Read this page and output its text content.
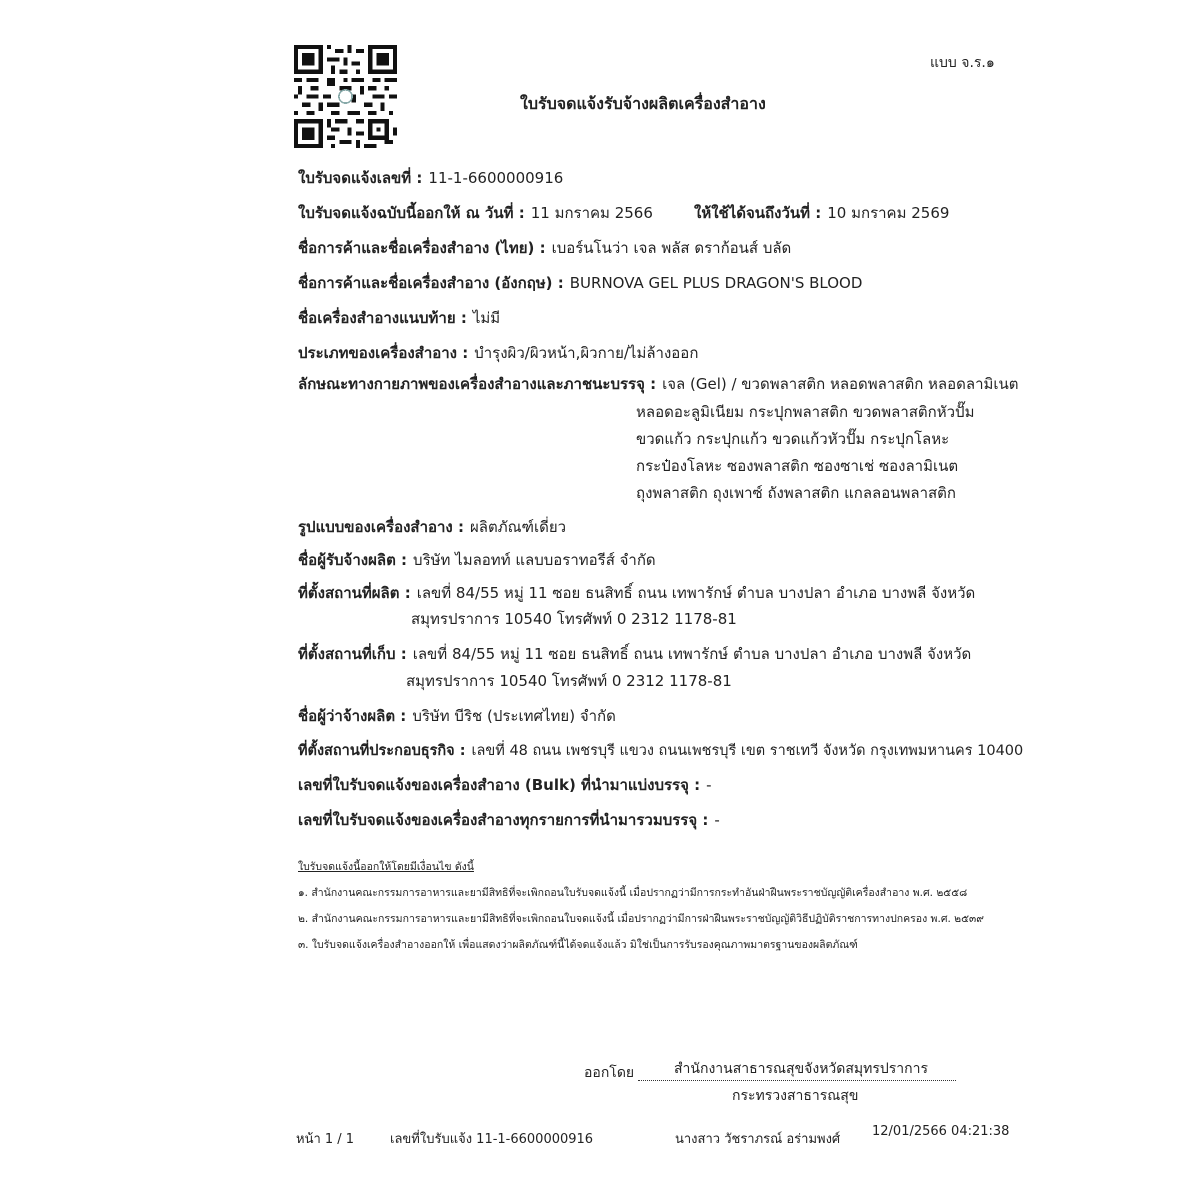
แบบ จ.ร.๑
ใบรับจดแจ้งรับจ้างผลิตเครื่องสำอาง
ใบรับจดแจ้งเลขที่ : 11-1-6600000916
ใบรับจดแจ้งฉบับนี้ออกให้ ณ วันที่ : 11 มกราคม 2566	ให้ใช้ได้จนถึงวันที่ : 10 มกราคม 2569
ชื่อการค้าและชื่อเครื่องสำอาง (ไทย) : เบอร์นโนว่า เจล พลัส ดราก้อนส์ บลัด
ชื่อการค้าและชื่อเครื่องสำอาง (อังกฤษ) : BURNOVA GEL PLUS DRAGON'S BLOOD
ชื่อเครื่องสำอางแนบท้าย : ไม่มี
ประเภทของเครื่องสำอาง : บำรุงผิว/ผิวหน้า,ผิวกาย/ไม่ล้างออก
ลักษณะทางกายภาพของเครื่องสำอางและภาชนะบรรจุ : เจล (Gel) / ขวดพลาสติก หลอดพลาสติก หลอดลามิเนต
หลอดอะลูมิเนียม กระปุกพลาสติก ขวดพลาสติกหัวปั๊ม
ขวดแก้ว กระปุกแก้ว ขวดแก้วหัวปั๊ม กระปุกโลหะ
กระป๋องโลหะ ซองพลาสติก ซองซาเช่ ซองลามิเนต
ถุงพลาสติก ถุงเพาซ์ ถังพลาสติก แกลลอนพลาสติก
รูปแบบของเครื่องสำอาง : ผลิตภัณฑ์เดี่ยว
ชื่อผู้รับจ้างผลิต : บริษัท ไมลอทท์ แลบบอราทอรีส์ จำกัด
ที่ตั้งสถานที่ผลิต : เลขที่ 84/55 หมู่ 11 ซอย ธนสิทธิ์ ถนน เทพารักษ์ ตำบล บางปลา อำเภอ บางพลี จังหวัด
สมุทรปราการ 10540 โทรศัพท์ 0 2312 1178-81
ที่ตั้งสถานที่เก็บ : เลขที่ 84/55 หมู่ 11 ซอย ธนสิทธิ์ ถนน เทพารักษ์ ตำบล บางปลา อำเภอ บางพลี จังหวัด
สมุทรปราการ 10540 โทรศัพท์ 0 2312 1178-81
ชื่อผู้ว่าจ้างผลิต : บริษัท บีริช (ประเทศไทย) จำกัด
ที่ตั้งสถานที่ประกอบธุรกิจ : เลขที่ 48 ถนน เพชรบุรี แขวง ถนนเพชรบุรี เขต ราชเทวี จังหวัด กรุงเทพมหานคร 10400
เลขที่ใบรับจดแจ้งของเครื่องสำอาง (Bulk) ที่นำมาแบ่งบรรจุ : -
เลขที่ใบรับจดแจ้งของเครื่องสำอางทุกรายการที่นำมารวมบรรจุ : -
ใบรับจดแจ้งนี้ออกให้โดยมีเงื่อนไข ดังนี้
๑. สำนักงานคณะกรรมการอาหารและยามีสิทธิที่จะเพิกถอนใบรับจดแจ้งนี้ เมื่อปรากฏว่ามีการกระทำอันฝ่าฝืนพระราชบัญญัติเครื่องสำอาง พ.ศ. ๒๕๕๘
๒. สำนักงานคณะกรรมการอาหารและยามีสิทธิที่จะเพิกถอนใบจดแจ้งนี้ เมื่อปรากฏว่ามีการฝ่าฝืนพระราชบัญญัติวิธีปฏิบัติราชการทางปกครอง พ.ศ. ๒๕๓๙
๓. ใบรับจดแจ้งเครื่องสำอางออกให้ เพื่อแสดงว่าผลิตภัณฑ์นี้ได้จดแจ้งแล้ว มิใช่เป็นการรับรองคุณภาพมาตรฐานของผลิตภัณฑ์
ออกโดย	สำนักงานสาธารณสุขจังหวัดสมุทรปราการ
กระทรวงสาธารณสุข
หน้า 1 / 1	เลขที่ใบรับแจ้ง 11-1-6600000916	นางสาว วัชราภรณ์ อร่ามพงศ์
12/01/2566 04:21:38
